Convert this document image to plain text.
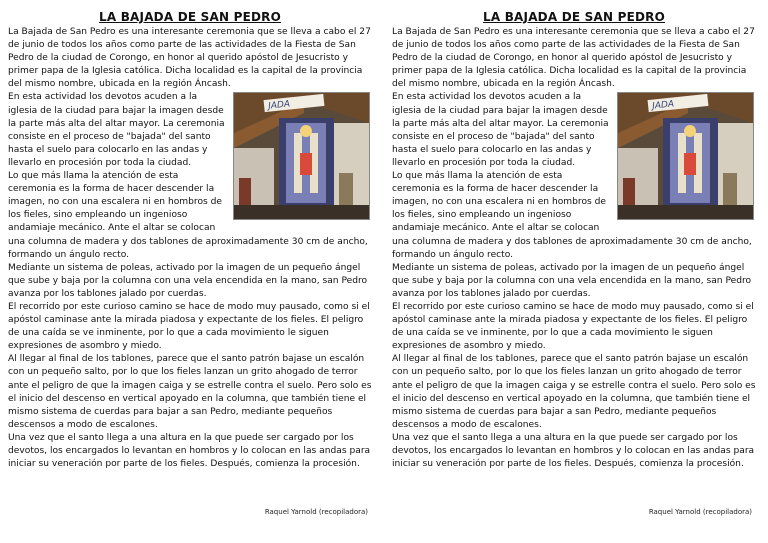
LA BAJADA DE SAN PEDRO

La Bajada de San Pedro es una interesante ceremonia que se lleva a cabo el 27 de junio de todos los años como parte de las actividades de la Fiesta de San Pedro de la ciudad de Corongo, en honor al querido apóstol de Jesucristo y primer papa de la Iglesia católica. Dicha localidad es la capital de la provincia del mismo nombre, ubicada en la región Áncash.

JADA

En esta actividad los devotos acuden a la iglesia de la ciudad para bajar la imagen desde la parte más alta del altar mayor. La ceremonia consiste en el proceso de "bajada" del santo hasta el suelo para colocarlo en las andas y llevarlo en procesión por toda la ciudad.

Lo que más llama la atención de esta ceremonia es la forma de hacer descender la imagen, no con una escalera ni en hombros de los fieles, sino empleando un ingenioso andamiaje mecánico. Ante el altar se colocan una columna de madera y dos tablones de aproximadamente 30 cm de ancho, formando un ángulo recto.

Mediante un sistema de poleas, activado por la imagen de un pequeño ángel que sube y baja por la columna con una vela encendida en la mano, san Pedro avanza por los tablones jalado por cuerdas.

El recorrido por este curioso camino se hace de modo muy pausado, como si el apóstol caminase ante la mirada piadosa y expectante de los fieles. El peligro de una caída se ve inminente, por lo que a cada movimiento le siguen expresiones de asombro y miedo.

Al llegar al final de los tablones, parece que el santo patrón bajase un escalón con un pequeño salto, por lo que los fieles lanzan un grito ahogado de terror ante el peligro de que la imagen caiga y se estrelle contra el suelo. Pero solo es el inicio del descenso en vertical apoyado en la columna, que también tiene el mismo sistema de cuerdas para bajar a san Pedro, mediante pequeños descensos a modo de escalones.

Una vez que el santo llega a una altura en la que puede ser cargado por los devotos, los encargados lo levantan en hombros y lo colocan en las andas para iniciar su veneración por parte de los fieles. Después, comienza la procesión.

Raquel Yarnold (recopiladora)
LA BAJADA DE SAN PEDRO

La Bajada de San Pedro es una interesante ceremonia que se lleva a cabo el 27 de junio de todos los años como parte de las actividades de la Fiesta de San Pedro de la ciudad de Corongo, en honor al querido apóstol de Jesucristo y primer papa de la Iglesia católica. Dicha localidad es la capital de la provincia del mismo nombre, ubicada en la región Áncash.

JADA

En esta actividad los devotos acuden a la iglesia de la ciudad para bajar la imagen desde la parte más alta del altar mayor. La ceremonia consiste en el proceso de "bajada" del santo hasta el suelo para colocarlo en las andas y llevarlo en procesión por toda la ciudad.

Lo que más llama la atención de esta ceremonia es la forma de hacer descender la imagen, no con una escalera ni en hombros de los fieles, sino empleando un ingenioso andamiaje mecánico. Ante el altar se colocan una columna de madera y dos tablones de aproximadamente 30 cm de ancho, formando un ángulo recto.

Mediante un sistema de poleas, activado por la imagen de un pequeño ángel que sube y baja por la columna con una vela encendida en la mano, san Pedro avanza por los tablones jalado por cuerdas.

El recorrido por este curioso camino se hace de modo muy pausado, como si el apóstol caminase ante la mirada piadosa y expectante de los fieles. El peligro de una caída se ve inminente, por lo que a cada movimiento le siguen expresiones de asombro y miedo.

Al llegar al final de los tablones, parece que el santo patrón bajase un escalón con un pequeño salto, por lo que los fieles lanzan un grito ahogado de terror ante el peligro de que la imagen caiga y se estrelle contra el suelo. Pero solo es el inicio del descenso en vertical apoyado en la columna, que también tiene el mismo sistema de cuerdas para bajar a san Pedro, mediante pequeños descensos a modo de escalones.

Una vez que el santo llega a una altura en la que puede ser cargado por los devotos, los encargados lo levantan en hombros y lo colocan en las andas para iniciar su veneración por parte de los fieles. Después, comienza la procesión.

Raquel Yarnold (recopiladora)
